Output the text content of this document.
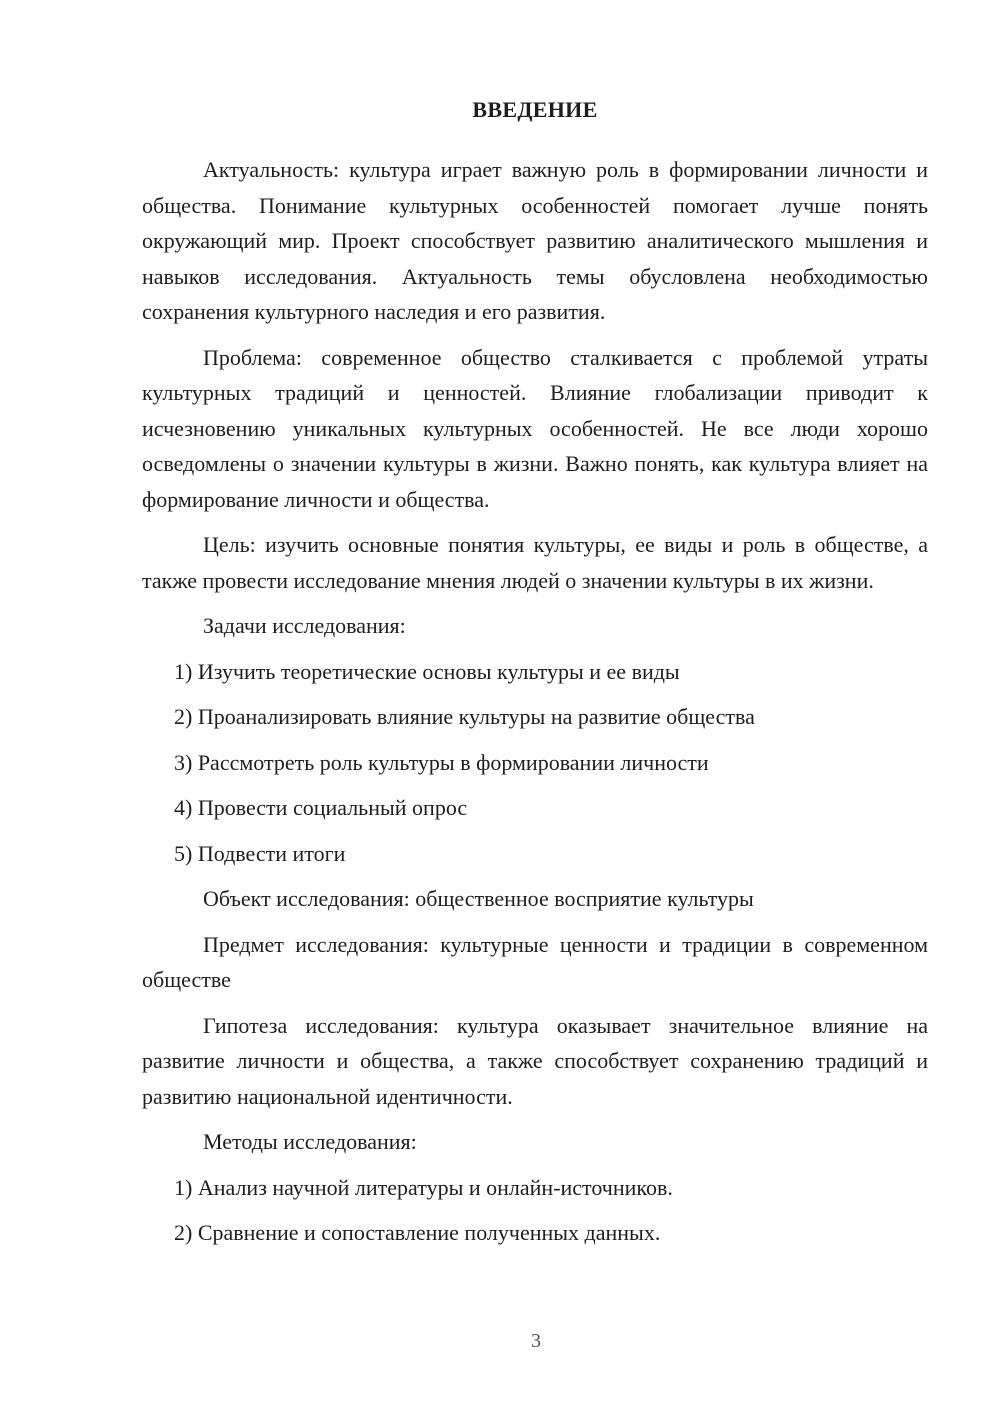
ВВЕДЕНИЕ

Актуальность: культура играет важную роль в формировании личности и общества. Понимание культурных особенностей помогает лучше понять окружающий мир. Проект способствует развитию аналитического мышления и навыков исследования. Актуальность темы обусловлена необходимостью сохранения культурного наследия и его развития.

Проблема: современное общество сталкивается с проблемой утраты культурных традиций и ценностей. Влияние глобализации приводит к исчезновению уникальных культурных особенностей. Не все люди хорошо осведомлены о значении культуры в жизни. Важно понять, как культура влияет на формирование личности и общества.

Цель: изучить основные понятия культуры, ее виды и роль в обществе, а также провести исследование мнения людей о значении культуры в их жизни.

Задачи исследования:

1) Изучить теоретические основы культуры и ее виды

2) Проанализировать влияние культуры на развитие общества

3) Рассмотреть роль культуры в формировании личности

4) Провести социальный опрос

5) Подвести итоги

Объект исследования: общественное восприятие культуры

Предмет исследования: культурные ценности и традиции в современном обществе

Гипотеза исследования: культура оказывает значительное влияние на развитие личности и общества, а также способствует сохранению традиций и развитию национальной идентичности.

Методы исследования:

1) Анализ научной литературы и онлайн-источников.

2) Сравнение и сопоставление полученных данных.

3
